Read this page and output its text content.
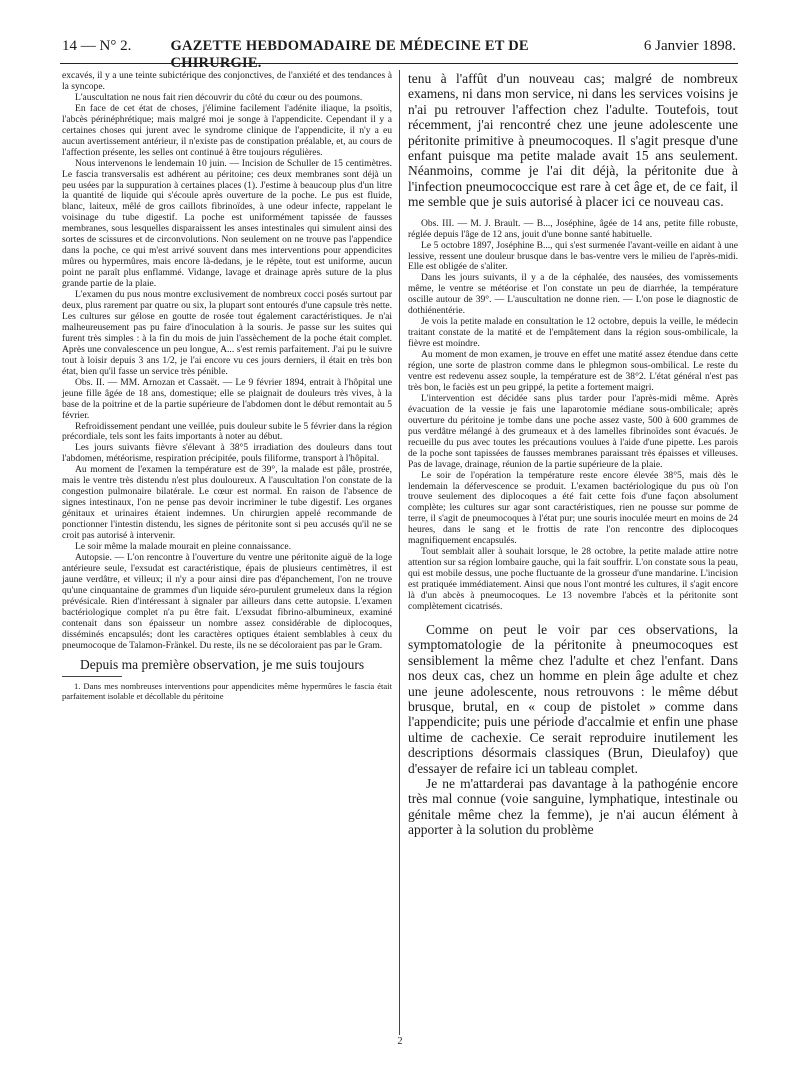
14 — N° 2.	GAZETTE HEBDOMADAIRE DE MÉDECINE ET DE CHIRURGIE.
6 Janvier 1898.

excavés, il y a une teinte subictérique des conjonctives, de l'anxiété et des tendances à la syncope.

L'auscultation ne nous fait rien découvrir du côté du cœur ou des poumons.

En face de cet état de choses, j'élimine facilement l'adénite iliaque, la psoïtis, l'abcès périnéphrétique; mais malgré moi je songe à l'appendicite. Cependant il y a certaines choses qui jurent avec le syndrome clinique de l'appendicite, il n'y a eu aucun avertissement antérieur, il n'existe pas de constipation préalable, et, au cours de l'affection présente, les selles ont continué à être toujours régulières.

Nous intervenons le lendemain 10 juin. — Incision de Schuller de 15 centimètres. Le fascia transversalis est adhérent au péritoine; ces deux membranes sont déjà un peu usées par la suppuration à certaines places (1). J'estime à beaucoup plus d'un litre la quantité de liquide qui s'écoule après ouverture de la poche. Le pus est fluide, blanc, laiteux, mêlé de gros caillots fibrinoïdes, à une odeur infecte, rappelant le voisinage du tube digestif. La poche est uniformément tapissée de fausses membranes, sous lesquelles disparaissent les anses intestinales qui simulent ainsi des sortes de scissures et de circonvolutions. Non seulement on ne trouve pas l'appendice dans la poche, ce qui m'est arrivé souvent dans mes interventions pour appendicites mûres ou hypermûres, mais encore là-dedans, je le répète, tout est uniforme, aucun point ne paraît plus enflammé. Vidange, lavage et drainage après suture de la plus grande partie de la plaie.

L'examen du pus nous montre exclusivement de nombreux cocci posés surtout par deux, plus rarement par quatre ou six, la plupart sont entourés d'une capsule très nette. Les cultures sur gélose en goutte de rosée tout également caractéristiques. Je n'ai malheureusement pas pu faire d'inoculation à la souris. Je passe sur les suites qui furent très simples : à la fin du mois de juin l'assèchement de la poche était complet. Après une convalescence un peu longue, A... s'est remis parfaitement. J'ai pu le suivre tout à loisir depuis 3 ans 1/2, je l'ai encore vu ces jours derniers, il était en très bon état, bien qu'il fasse un service très pénible.

Obs. II. — MM. Arnozan et Cassaët. — Le 9 février 1894, entrait à l'hôpital une jeune fille âgée de 18 ans, domestique; elle se plaignait de douleurs très vives, à la base de la poitrine et de la partie supérieure de l'abdomen dont le début remontait au 5 février.

Refroidissement pendant une veillée, puis douleur subite le 5 février dans la région précordiale, tels sont les faits importants à noter au début.

Les jours suivants fièvre s'élevant à 38°5 irradiation des douleurs dans tout l'abdomen, météorisme, respiration précipitée, pouls filiforme, transport à l'hôpital.

Au moment de l'examen la température est de 39°, la malade est pâle, prostrée, mais le ventre très distendu n'est plus douloureux. A l'auscultation l'on constate de la congestion pulmonaire bilatérale. Le cœur est normal. En raison de l'absence de signes intestinaux, l'on ne pense pas devoir incriminer le tube digestif. Les organes génitaux et urinaires étaient indemnes. Un chirurgien appelé recommande de ponctionner l'intestin distendu, les signes de péritonite sont si peu accusés qu'il ne se croit pas autorisé à intervenir.

Le soir même la malade mourait en pleine connaissance.

Autopsie. — L'on rencontre à l'ouverture du ventre une péritonite aiguë de la loge antérieure seule, l'exsudat est caractéristique, épais de plusieurs centimètres, il est jaune verdâtre, et villeux; il n'y a pour ainsi dire pas d'épanchement, l'on ne trouve qu'une cinquantaine de grammes d'un liquide séro-purulent grumeleux dans la région prévésicale. Rien d'intéressant à signaler par ailleurs dans cette autopsie. L'examen bactériologique complet n'a pu être fait. L'exsudat fibrino-albumineux, examiné contenait dans son épaisseur un nombre assez considérable de diplocoques, disséminés encapsulés; dont les caractères optiques étaient semblables à ceux du pneumocoque de Talamon-Fränkel. Du reste, ils ne se décoloraient pas par le Gram.

Depuis ma première observation, je me suis toujours

1. Dans mes nombreuses interventions pour appendicites même hypermûres le fascia était parfaitement isolable et décollable du péritoine

tenu à l'affût d'un nouveau cas; malgré de nombreux examens, ni dans mon service, ni dans les services voisins je n'ai pu retrouver l'affection chez l'adulte. Toutefois, tout récemment, j'ai rencontré chez une jeune adolescente une péritonite primitive à pneumocoques. Il s'agit presque d'une enfant puisque ma petite malade avait 15 ans seulement. Néanmoins, comme je l'ai dit déjà, la péritonite due à l'infection pneumococcique est rare à cet âge et, de ce fait, il me semble que je suis autorisé à placer ici ce nouveau cas.

Obs. III. — M. J. Brault. — B..., Joséphine, âgée de 14 ans, petite fille robuste, réglée depuis l'âge de 12 ans, jouit d'une bonne santé habituelle.

Le 5 octobre 1897, Joséphine B..., qui s'est surmenée l'avant-veille en aidant à une lessive, ressent une douleur brusque dans le bas-ventre vers le milieu de l'après-midi. Elle est obligée de s'aliter.

Dans les jours suivants, il y a de la céphalée, des nausées, des vomissements même, le ventre se météorise et l'on constate un peu de diarrhée, la température oscille autour de 39°. — L'auscultation ne donne rien. — L'on pose le diagnostic de dothiénentérie.

Je vois la petite malade en consultation le 12 octobre, depuis la veille, le médecin traitant constate de la matité et de l'empâtement dans la région sous-ombilicale, la fièvre est moindre.

Au moment de mon examen, je trouve en effet une matité assez étendue dans cette région, une sorte de plastron comme dans le phlegmon sous-ombilical. Le reste du ventre est redevenu assez souple, la température est de 38°2. L'état général n'est pas très bon, le faciès est un peu grippé, la petite a fortement maigri.

L'intervention est décidée sans plus tarder pour l'après-midi même. Après évacuation de la vessie je fais une laparotomie médiane sous-ombilicale; après ouverture du péritoine je tombe dans une poche assez vaste, 500 à 600 grammes de pus verdâtre mélangé à des grumeaux et à des lamelles fibrinoïdes sont évacués. Je recueille du pus avec toutes les précautions voulues à l'aide d'une pipette. Les parois de la poche sont tapissées de fausses membranes paraissant très épaisses et villeuses. Pas de lavage, drainage, réunion de la partie supérieure de la plaie.

Le soir de l'opération la température reste encore élevée 38°5, mais dès le lendemain la défervescence se produit. L'examen bactériologique du pus où l'on trouve seulement des diplocoques a été fait cette fois d'une façon absolument complète; les cultures sur agar sont caractéristiques, rien ne pousse sur pomme de terre, il s'agit de pneumocoques à l'état pur; une souris inoculée meurt en moins de 24 heures, dans le sang et le frottis de rate l'on rencontre des diplocoques magnifiquement encapsulés.

Tout semblait aller à souhait lorsque, le 28 octobre, la petite malade attire notre attention sur sa région lombaire gauche, qui la fait souffrir. L'on constate sous la peau, qui est mobile dessus, une poche fluctuante de la grosseur d'une mandarine. L'incision est pratiquée immédiatement. Ainsi que nous l'ont montré les cultures, il s'agit encore là d'un abcès à pneumocoques. Le 13 novembre l'abcès et la péritonite sont complètement cicatrisés.

Comme on peut le voir par ces observations, la symptomatologie de la péritonite à pneumocoques est sensiblement la même chez l'adulte et chez l'enfant. Dans nos deux cas, chez un homme en plein âge adulte et chez une jeune adolescente, nous retrouvons : le même début brusque, brutal, en « coup de pistolet » comme dans l'appendicite; puis une période d'accalmie et enfin une phase ultime de cachexie. Ce serait reproduire inutilement les descriptions désormais classiques (Brun, Dieulafoy) que d'essayer de refaire ici un tableau complet.

Je ne m'attarderai pas davantage à la pathogénie encore très mal connue (voie sanguine, lymphatique, intestinale ou génitale même chez la femme), je n'ai aucun élément à apporter à la solution du problème

2
